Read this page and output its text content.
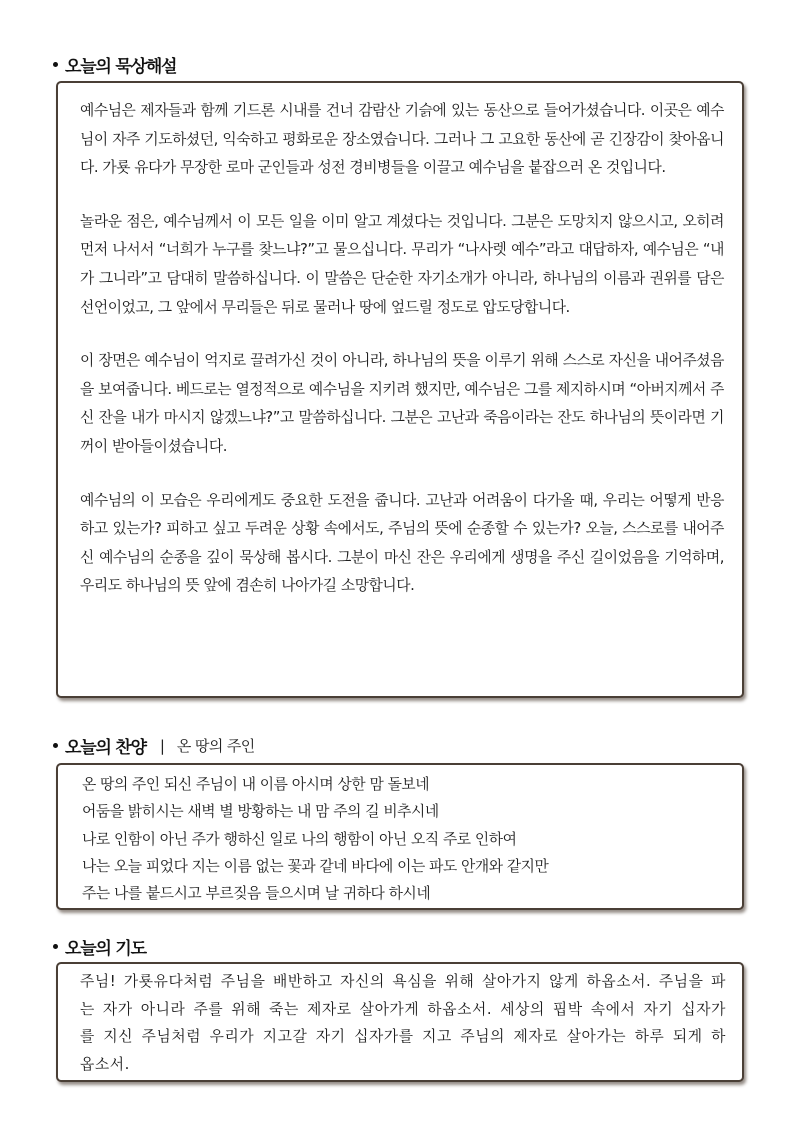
오늘의 묵상해설

예수님은 제자들과 함께 기드론 시내를 건너 감람산 기슭에 있는 동산으로 들어가셨습니다. 이곳은 예수님이 자주 기도하셨던, 익숙하고 평화로운 장소였습니다. 그러나 그 고요한 동산에 곧 긴장감이 찾아옵니다. 가룟 유다가 무장한 로마 군인들과 성전 경비병들을 이끌고 예수님을 붙잡으러 온 것입니다.

놀라운 점은, 예수님께서 이 모든 일을 이미 알고 계셨다는 것입니다. 그분은 도망치지 않으시고, 오히려 먼저 나서서 “너희가 누구를 찾느냐?”고 물으십니다. 무리가 “나사렛 예수”라고 대답하자, 예수님은 “내가 그니라”고 담대히 말씀하십니다. 이 말씀은 단순한 자기소개가 아니라, 하나님의 이름과 권위를 담은 선언이었고, 그 앞에서 무리들은 뒤로 물러나 땅에 엎드릴 정도로 압도당합니다.

이 장면은 예수님이 억지로 끌려가신 것이 아니라, 하나님의 뜻을 이루기 위해 스스로 자신을 내어주셨음을 보여줍니다. 베드로는 열정적으로 예수님을 지키려 했지만, 예수님은 그를 제지하시며 “아버지께서 주신 잔을 내가 마시지 않겠느냐?”고 말씀하십니다. 그분은 고난과 죽음이라는 잔도 하나님의 뜻이라면 기꺼이 받아들이셨습니다.

예수님의 이 모습은 우리에게도 중요한 도전을 줍니다. 고난과 어려움이 다가올 때, 우리는 어떻게 반응하고 있는가? 피하고 싶고 두려운 상황 속에서도, 주님의 뜻에 순종할 수 있는가? 오늘, 스스로를 내어주신 예수님의 순종을 깊이 묵상해 봅시다. 그분이 마신 잔은 우리에게 생명을 주신 길이었음을 기억하며, 우리도 하나님의 뜻 앞에 겸손히 나아가길 소망합니다.

오늘의 찬양 | 온 땅의 주인
온 땅의 주인 되신 주님이 내 이름 아시며 상한 맘 돌보네
어둠을 밝히시는 새벽 별 방황하는 내 맘 주의 길 비추시네
나로 인함이 아닌 주가 행하신 일로 나의 행함이 아닌 오직 주로 인하여
나는 오늘 피었다 지는 이름 없는 꽃과 같네 바다에 이는 파도 안개와 같지만
주는 나를 붙드시고 부르짖음 들으시며 날 귀하다 하시네
오늘의 기도

주님! 가룟유다처럼 주님을 배반하고 자신의 욕심을 위해 살아가지 않게 하옵소서. 주님을 파는 자가 아니라 주를 위해 죽는 제자로 살아가게 하옵소서. 세상의 핍박 속에서 자기 십자가를 지신 주님처럼 우리가 지고갈 자기 십자가를 지고 주님의 제자로 살아가는 하루 되게 하옵소서.
